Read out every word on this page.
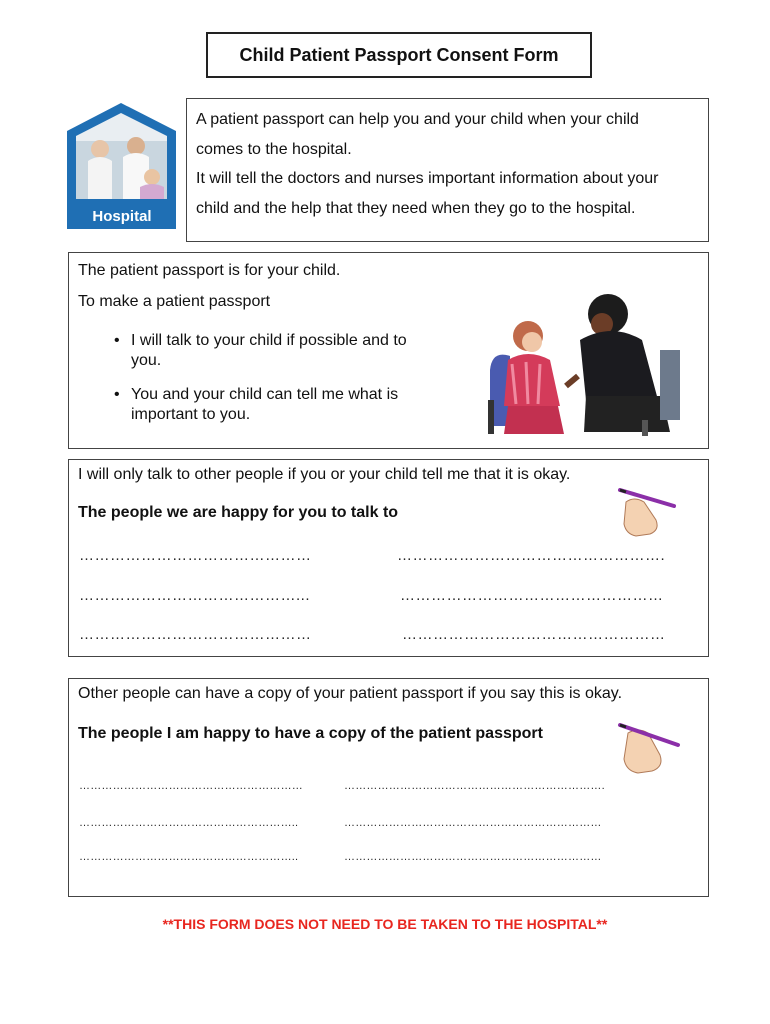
Child Patient Passport Consent Form
Hospital

A patient passport can help you and your child when your child

comes to the hospital.

It will tell the doctors and nurses important information about your

child and the help that they need when they go to the hospital.

The patient passport is for your child.

To make a patient passport

• I will talk to your child if possible and to you.
• You and your child can tell me what is important to you.

I will only talk to other people if you or your child tell me that it is okay.

The people we are happy for you to talk to

………………………………………	…………………………………………….
……………………………………...	……………………………………………
………………………………………	……………………………………………

Other people can have a copy of your patient passport if you say this is okay.

The people I am happy to have a copy of the patient passport

……………………………………………………	…………………………………………………………….
…………………………………………………..	……………………………………………………………
…………………………………………………..	……………………………………………………………
**THIS FORM DOES NOT NEED TO BE TAKEN TO THE HOSPITAL**
